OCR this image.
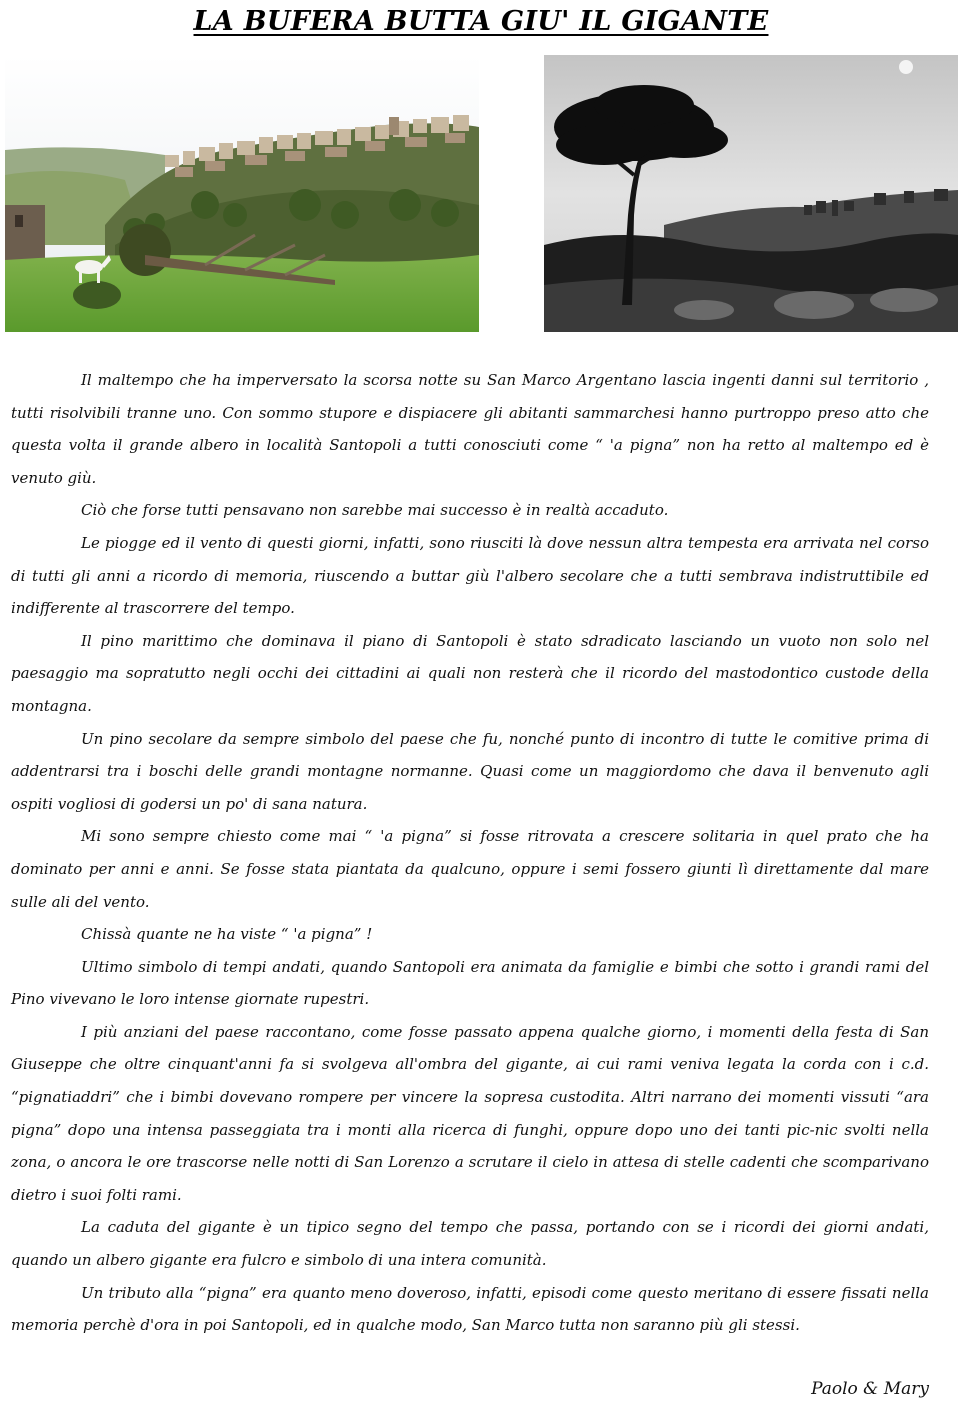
LA BUFERA BUTTA GIU' IL GIGANTE

Il maltempo che ha imperversato la scorsa notte su San Marco Argentano lascia ingenti danni sul territorio , tutti risolvibili tranne uno. Con sommo stupore e dispiacere gli abitanti sammarchesi hanno purtroppo preso atto che questa volta il grande albero in località Santopoli a tutti conosciuti come “ 'a pigna” non ha retto al maltempo ed è venuto giù.

Ciò che forse tutti pensavano non sarebbe mai successo è in realtà accaduto.

Le piogge ed il vento di questi giorni, infatti, sono riusciti là dove nessun altra tempesta era arrivata nel corso di tutti gli anni a ricordo di memoria, riuscendo a buttar giù l'albero secolare che a tutti sembrava indistruttibile ed indifferente al trascorrere del tempo.

Il pino marittimo che dominava il piano di Santopoli è stato sdradicato lasciando un vuoto non solo nel paesaggio ma sopratutto negli occhi dei cittadini ai quali non resterà che il ricordo del mastodontico custode della montagna.

Un pino secolare da sempre simbolo del paese che fu, nonché punto di incontro di tutte le comitive prima di addentrarsi tra i boschi delle grandi montagne normanne. Quasi come un maggiordomo che dava il benvenuto agli ospiti vogliosi di godersi un po' di sana natura.

Mi sono sempre chiesto come mai “ 'a pigna” si fosse ritrovata a crescere solitaria in quel prato che ha dominato per anni e anni. Se fosse stata piantata da qualcuno, oppure i semi fossero giunti lì direttamente dal mare sulle ali del vento.

Chissà quante ne ha viste “ 'a pigna” !

Ultimo simbolo di tempi andati, quando Santopoli era animata da famiglie e bimbi che sotto i grandi rami del Pino vivevano le loro intense giornate rupestri.

I più anziani del paese raccontano, come fosse passato appena qualche giorno, i momenti della festa di San Giuseppe che oltre cinquant'anni fa si svolgeva all'ombra del gigante, ai cui rami veniva legata la corda con i c.d. “pignatiaddri” che i bimbi dovevano rompere per vincere la sopresa custodita. Altri narrano dei momenti vissuti “ara pigna” dopo una intensa passeggiata tra i monti alla ricerca di funghi, oppure dopo uno dei tanti pic-nic svolti nella zona, o ancora le ore trascorse nelle notti di San Lorenzo a scrutare il cielo in attesa di stelle cadenti che scomparivano dietro i suoi folti rami.

La caduta del gigante è un tipico segno del tempo che passa, portando con se i ricordi dei giorni andati, quando un albero gigante era fulcro e simbolo di una intera comunità.

Un tributo alla “pigna” era quanto meno doveroso, infatti, episodi come questo meritano di essere fissati nella memoria perchè d'ora in poi Santopoli, ed in qualche modo, San Marco tutta non saranno più gli stessi.

Paolo & Mary
